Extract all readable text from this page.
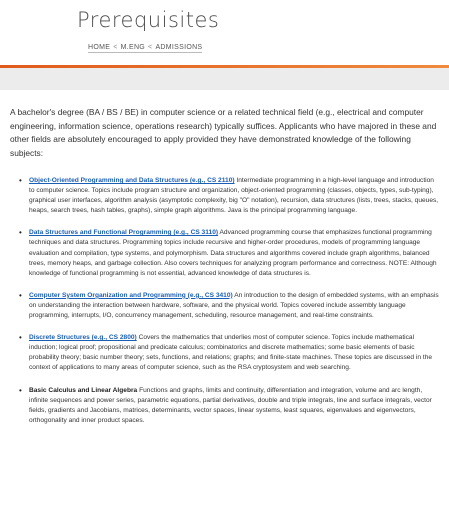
Prerequisites
HOME < M.ENG < ADMISSIONS

A bachelor's degree (BA / BS / BE) in computer science or a related technical field (e.g., electrical and computer engineering, information science, operations research) typically suffices. Applicants who have majored in these and other fields are absolutely encouraged to apply provided they have demonstrated knowledge of the following subjects:

• Object-Oriented Programming and Data Structures (e.g., CS 2110) Intermediate programming in a high-level language and introduction to computer science. Topics include program structure and organization, object-oriented programming (classes, objects, types, sub-typing), graphical user interfaces, algorithm analysis (asymptotic complexity, big "O" notation), recursion, data structures (lists, trees, stacks, queues, heaps, search trees, hash tables, graphs), simple graph algorithms. Java is the principal programming language.
• Data Structures and Functional Programming (e.g., CS 3110) Advanced programming course that emphasizes functional programming techniques and data structures. Programming topics include recursive and higher-order procedures, models of programming language evaluation and compilation, type systems, and polymorphism. Data structures and algorithms covered include graph algorithms, balanced trees, memory heaps, and garbage collection. Also covers techniques for analyzing program performance and correctness. NOTE: Although knowledge of functional programming is not essential, advanced knowledge of data structures is.
• Computer System Organization and Programming (e.g., CS 3410) An introduction to the design of embedded systems, with an emphasis on understanding the interaction between hardware, software, and the physical world. Topics covered include assembly language programming, interrupts, I/O, concurrency management, scheduling, resource management, and real-time constraints.
• Discrete Structures (e.g., CS 2800) Covers the mathematics that underlies most of computer science. Topics include mathematical induction; logical proof; propositional and predicate calculus; combinatorics and discrete mathematics; some basic elements of basic probability theory; basic number theory; sets, functions, and relations; graphs; and finite-state machines. These topics are discussed in the context of applications to many areas of computer science, such as the RSA cryptosystem and web searching.
• Basic Calculus and Linear Algebra Functions and graphs, limits and continuity, differentiation and integration, volume and arc length, infinite sequences and power series, parametric equations, partial derivatives, double and triple integrals, line and surface integrals, vector fields, gradients and Jacobians, matrices, determinants, vector spaces, linear systems, least squares, eigenvalues and eigenvectors, orthogonality and inner product spaces.
